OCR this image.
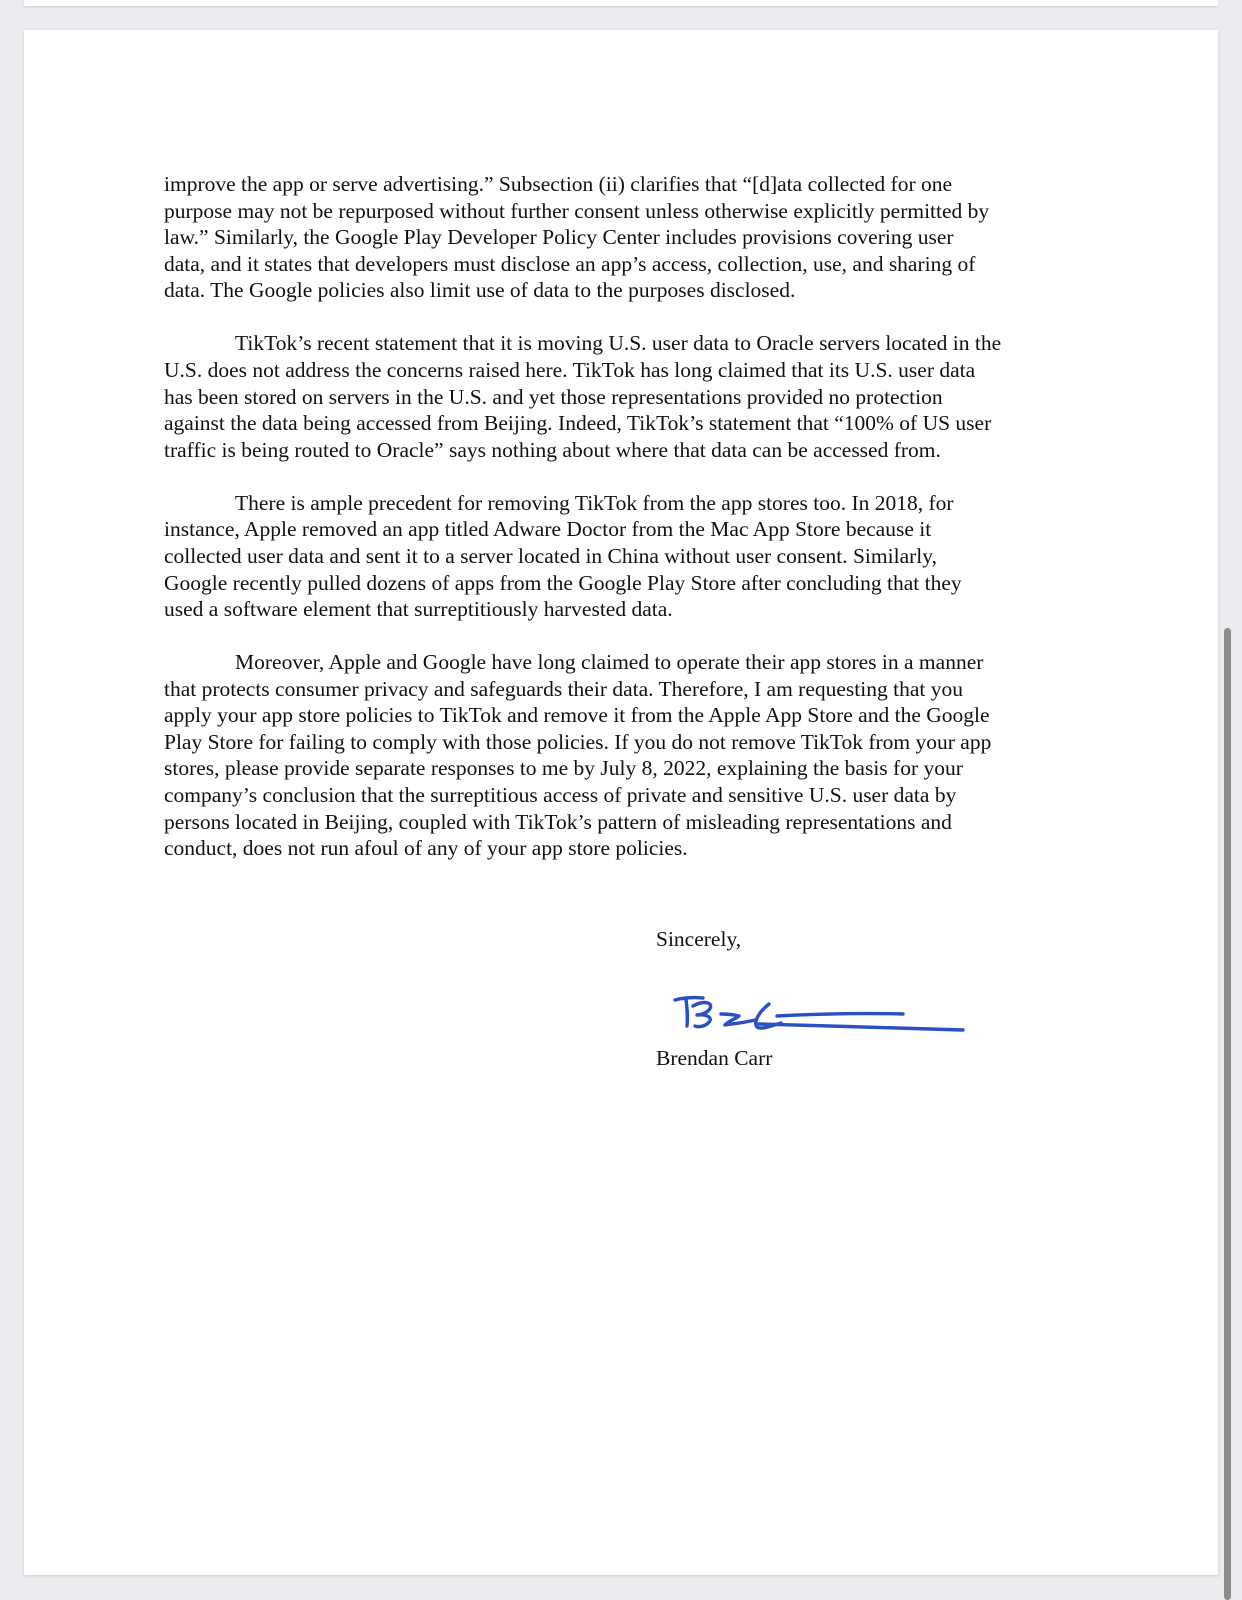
improve the app or serve advertising.” Subsection (ii) clarifies that “[d]ata collected for one
purpose may not be repurposed without further consent unless otherwise explicitly permitted by
law.” Similarly, the Google Play Developer Policy Center includes provisions covering user
data, and it states that developers must disclose an app’s access, collection, use, and sharing of
data. The Google policies also limit use of data to the purposes disclosed.

TikTok’s recent statement that it is moving U.S. user data to Oracle servers located in the
U.S. does not address the concerns raised here. TikTok has long claimed that its U.S. user data
has been stored on servers in the U.S. and yet those representations provided no protection
against the data being accessed from Beijing. Indeed, TikTok’s statement that “100% of US user
traffic is being routed to Oracle” says nothing about where that data can be accessed from.

There is ample precedent for removing TikTok from the app stores too. In 2018, for
instance, Apple removed an app titled Adware Doctor from the Mac App Store because it
collected user data and sent it to a server located in China without user consent. Similarly,
Google recently pulled dozens of apps from the Google Play Store after concluding that they
used a software element that surreptitiously harvested data.

Moreover, Apple and Google have long claimed to operate their app stores in a manner
that protects consumer privacy and safeguards their data. Therefore, I am requesting that you
apply your app store policies to TikTok and remove it from the Apple App Store and the Google
Play Store for failing to comply with those policies. If you do not remove TikTok from your app
stores, please provide separate responses to me by July 8, 2022, explaining the basis for your
company’s conclusion that the surreptitious access of private and sensitive U.S. user data by
persons located in Beijing, coupled with TikTok’s pattern of misleading representations and
conduct, does not run afoul of any of your app store policies.

Sincerely,
Brendan Carr
